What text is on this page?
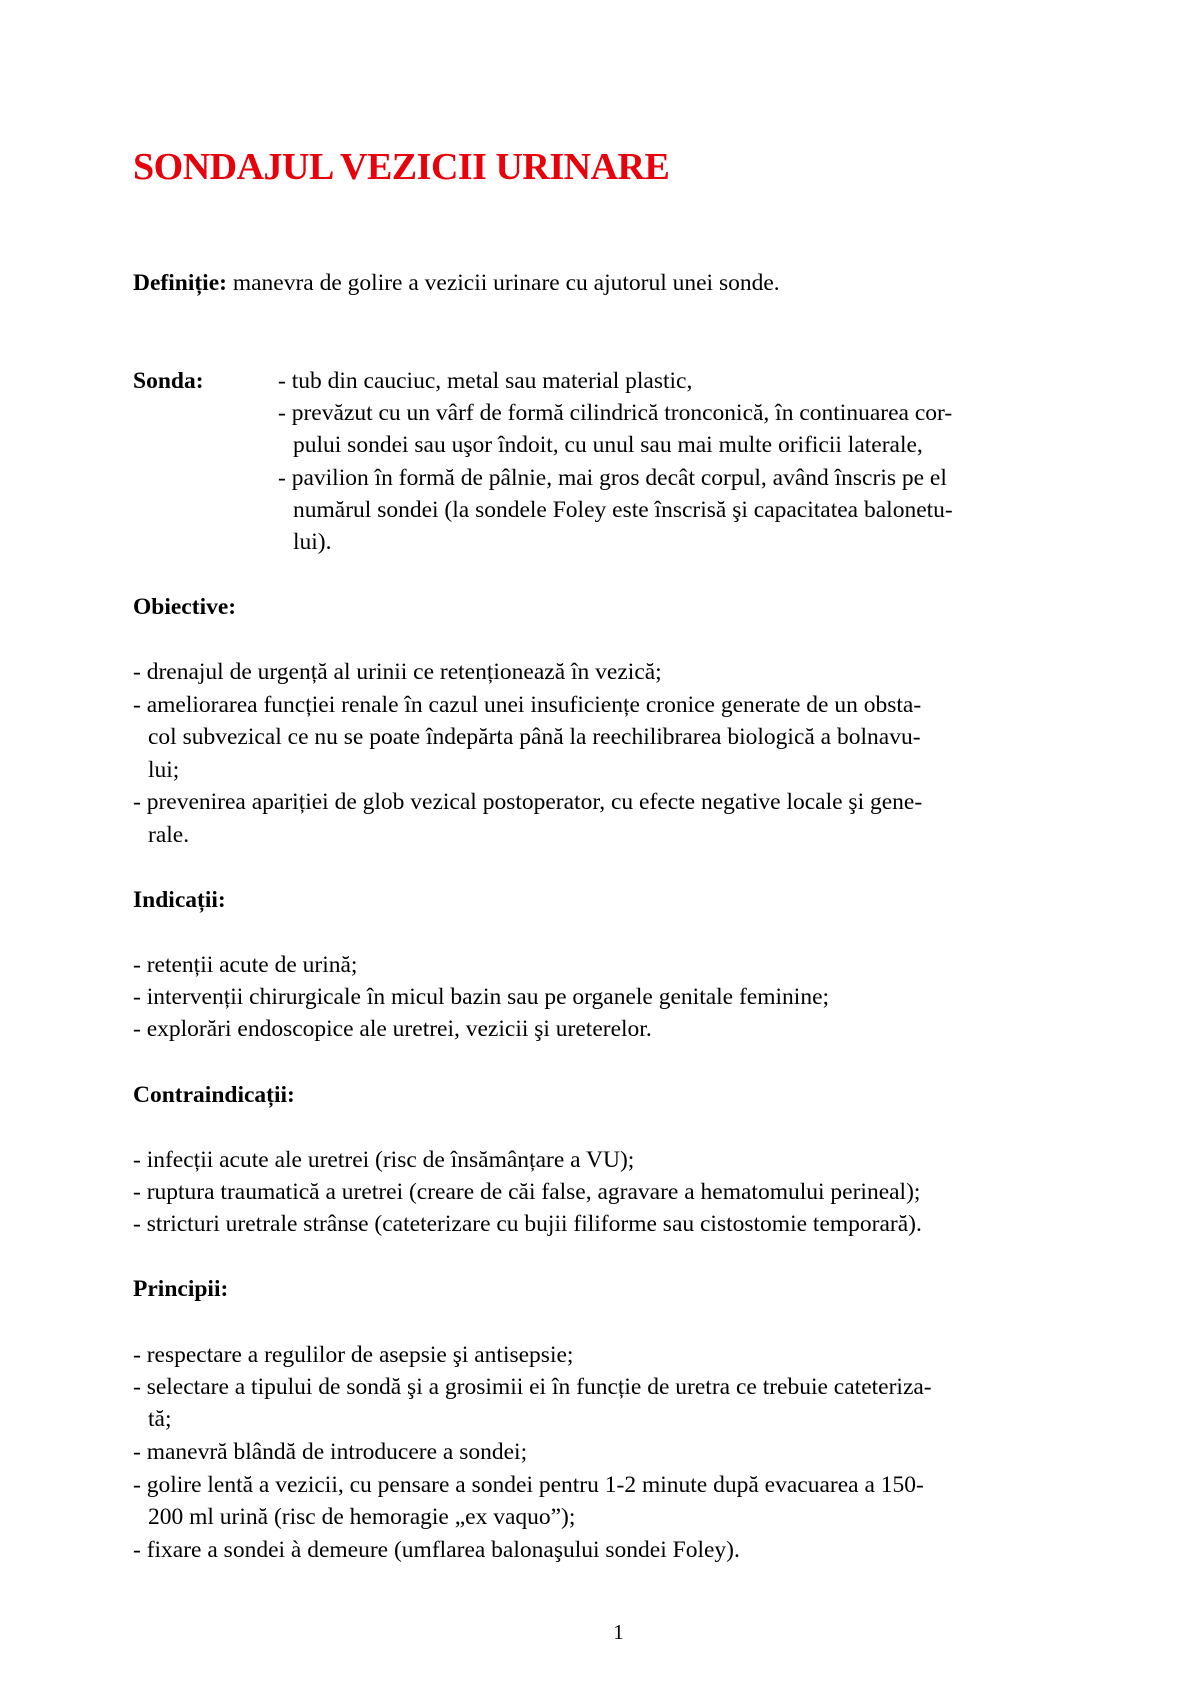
SONDAJUL VEZICII URINARE
Definiție: manevra de golire a vezicii urinare cu ajutorul unei sonde.
Sonda:	- tub din cauciuc, metal sau material plastic,
- prevăzut cu un vârf de formă cilindrică tronconică, în continuarea cor-
pului sondei sau uşor îndoit, cu unul sau mai multe orificii laterale,
- pavilion în formă de pâlnie, mai gros decât corpul, având înscris pe el
numărul sondei (la sondele Foley este înscrisă şi capacitatea balonetu-
lui).
Obiective:
- drenajul de urgență al urinii ce retenționează în vezică;
- ameliorarea funcției renale în cazul unei insuficiențe cronice generate de un obsta-
col subvezical ce nu se poate îndepărta până la reechilibrarea biologică a bolnavu-
lui;
- prevenirea apariției de glob vezical postoperator, cu efecte negative locale şi gene-
rale.
Indicații:
- retenții acute de urină;
- intervenții chirurgicale în micul bazin sau pe organele genitale feminine;
- explorări endoscopice ale uretrei, vezicii şi ureterelor.
Contraindicații:
- infecții acute ale uretrei (risc de însămânțare a VU);
- ruptura traumatică a uretrei (creare de căi false, agravare a hematomului perineal);
- stricturi uretrale strânse (cateterizare cu bujii filiforme sau cistostomie temporară).
Principii:
- respectare a regulilor de asepsie şi antisepsie;
- selectare a tipului de sondă şi a grosimii ei în funcție de uretra ce trebuie cateteriza-
tă;
- manevră blândă de introducere a sondei;
- golire lentă a vezicii, cu pensare a sondei pentru 1-2 minute după evacuarea a 150-
200 ml urină (risc de hemoragie „ex vaquo”);
- fixare a sondei à demeure (umflarea balonaşului sondei Foley).
1
